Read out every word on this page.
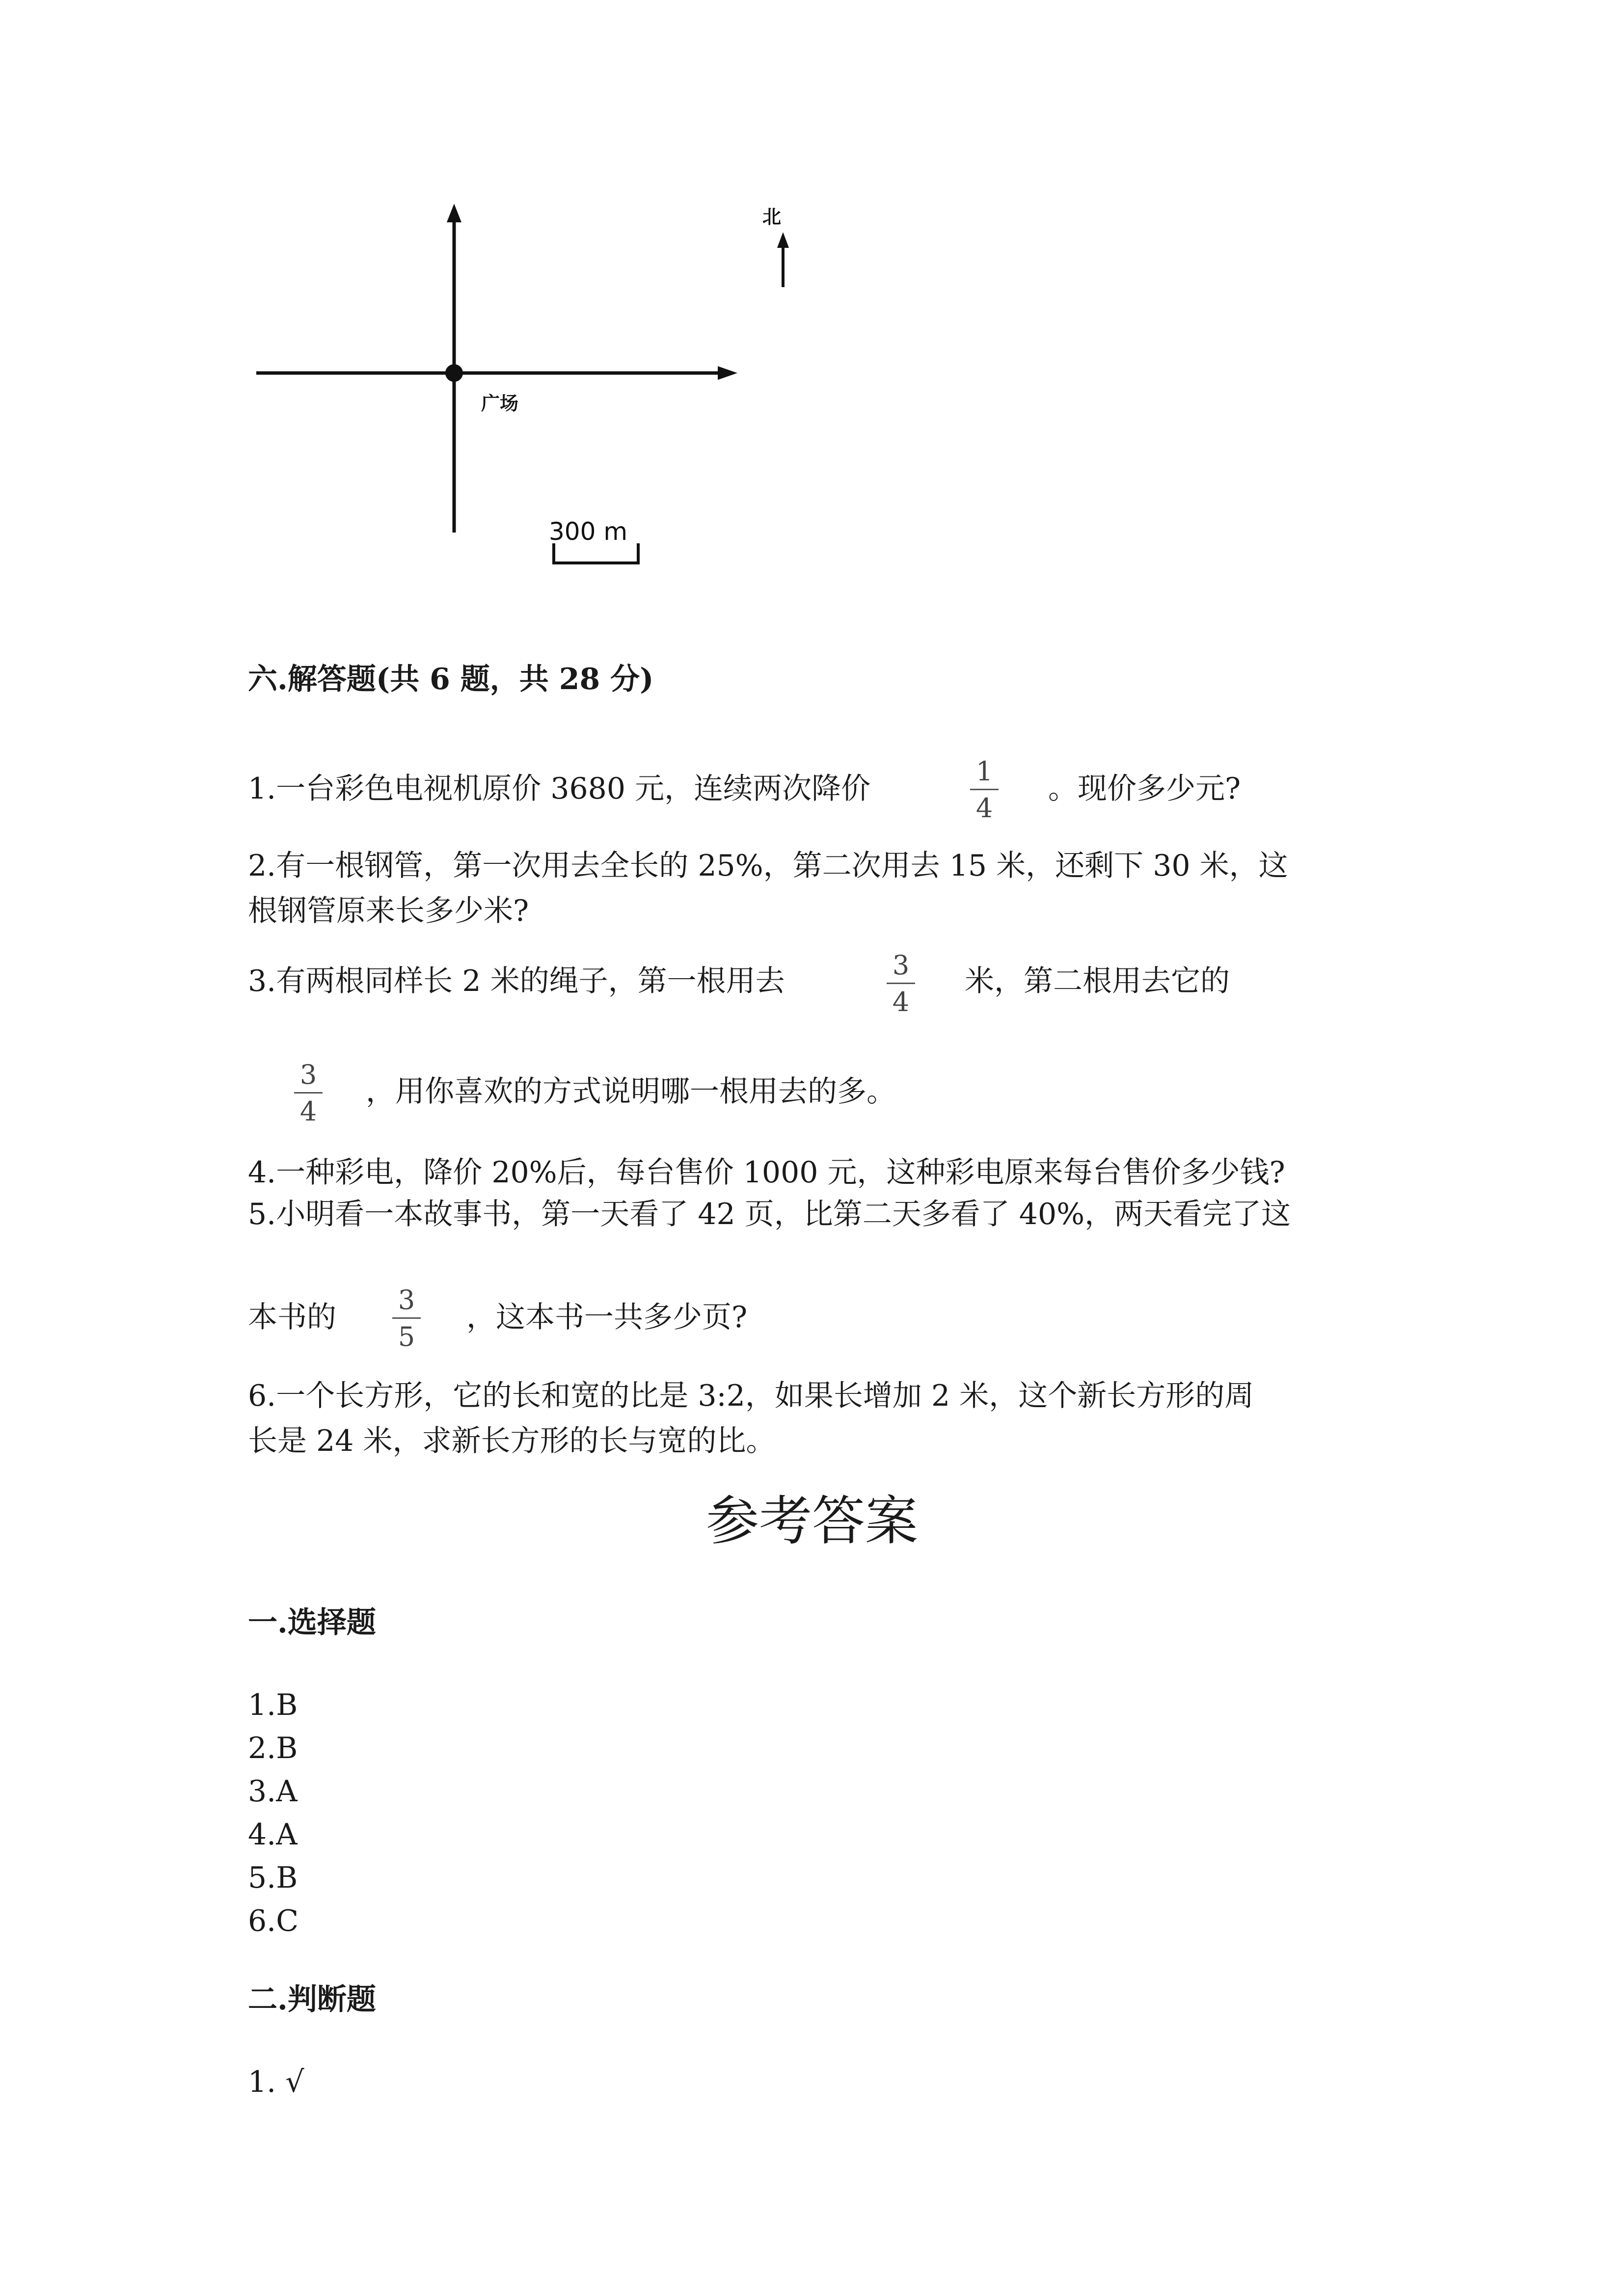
广场
北
300 m
六.解答题(共 6 题，共 28 分)
1.一台彩色电视机原价 3680 元，连续两次降价
1
4
。现价多少元?
2.有一根钢管，第一次用去全长的 25%，第二次用去 15 米，还剩下 30 米，这
根钢管原来长多少米?
3.有两根同样长 2 米的绳子，第一根用去	3
4
米，第二根用去它的
3
4
，用你喜欢的方式说明哪一根用去的多。
4.一种彩电，降价 20%后，每台售价 1000 元，这种彩电原来每台售价多少钱?
5.小明看一本故事书，第一天看了 42 页，比第二天多看了 40%，两天看完了这
本书的
3
5
，这本书一共多少页?
6.一个长方形，它的长和宽的比是 3:2，如果长增加 2 米，这个新长方形的周
长是 24 米，求新长方形的长与宽的比。
参考答案
一.选择题
1.B
2.B
3.A
4.A
5.B
6.C
二.判断题
1. √
